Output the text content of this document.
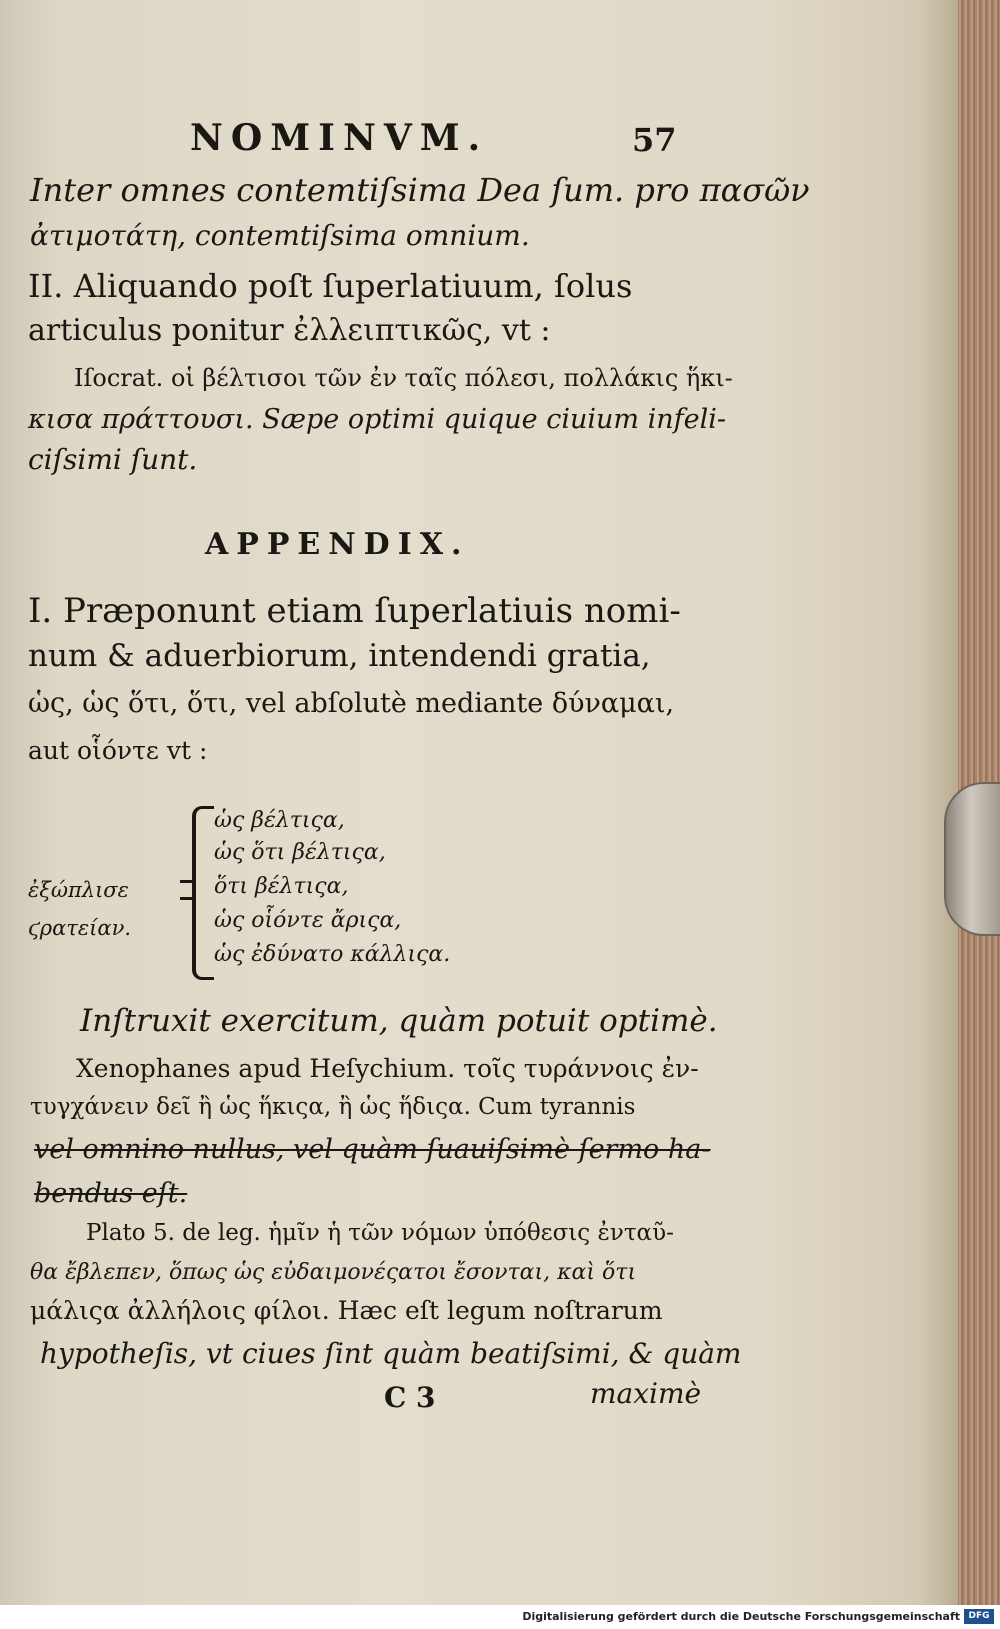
NOMINVM.	57
Inter omnes contemtiſsima Dea ſum. pro πασῶν
ἀτιμοτάτη, contemtiſsima omnium.
II. Aliquando poſt ſuperlatiuum, ſolus
articulus ponitur ἐλλειπτικῶς, vt :
Iſocrat. οἱ βέλτισοι τῶν ἐν ταῖς πόλεσι, πολλάκις ἥκι-
κισα πράττουσι. Sæpe optimi quique ciuium infeli-
ciſsimi ſunt.
APPENDIX.
I. Præponunt etiam ſuperlatiuis nomi-
num & aduerbiorum, intendendi gratia,
ὡς, ὡς ὅτι, ὅτι, vel abſolutè mediante δύναμαι,
aut οἷόντε vt :
ἐξώπλισε
ϛρατείαν.
ὡς βέλτιςα,
ὡς ὅτι βέλτιςα,
ὅτι βέλτιςα,
ὡς οἷόντε ἄριςα,
ὡς ἐδύνατο κάλλιςα.
Inſtruxit exercitum, quàm potuit optimè.
Xenophanes apud Heſychium. τοῖς τυράννοις ἐν-
τυγχάνειν δεῖ ἢ ὡς ἥκιςα, ἢ ὡς ἥδιςα. Cum tyrannis
vel omnino nullus, vel quàm ſuauiſsimè ſermo ha-
bendus eſt.
Plato 5. de leg. ἡμῖν ἡ τῶν νόμων ὑπόθεσις ἐνταῦ-
θα ἔβλεπεν, ὅπως ὡς εὐδαιμονέςατοι ἔσονται, καὶ ὅτι
μάλιςα ἀλλήλοις φίλοι. Hæc eſt legum noſtrarum
hypotheſis, vt ciues ſint quàm beatiſsimi, & quàm
C 3	maximè
Digitalisierung gefördert durch die Deutsche Forschungsgemeinschaft DFG
